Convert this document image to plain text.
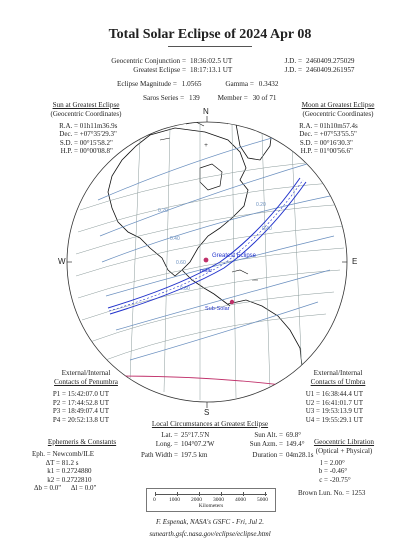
Total Solar Eclipse of 2024 Apr 08
Geocentric Conjunction = 18:36:02.5 UT	J.D. = 2460409.275029
Greatest Eclipse = 18:17:13.1 UT	J.D. = 2460409.261957
Eclipse Magnitude = 1.0565	Gamma = 0.3432
Saros Series = 139 Member = 30 of 71
Sun at Greatest Eclipse
(Geocentric Coordinates)
R.A. = 01h11m36.9s
Dec. = +07°35'29.3"
S.D. = 00°15'58.2"
H.P. = 00°00'08.8"
Moon at Greatest Eclipse
(Geocentric Coordinates)
R.A. = 01h10m57.4s
Dec. = +07°53'55.5"
S.D. = 00°16'30.3"
H.P. = 01°00'56.6"
+
Greatest Eclipse
polar
Sub-Solar
0.20
0.40
0.60
0.80
0.20
0.40
N
S
W	E
External/Internal
Contacts of Penumbra
P1 = 15:42:07.0 UT
P2 = 17:44:52.8 UT
P3 = 18:49:07.4 UT
P4 = 20:52:13.8 UT
External/Internal
Contacts of Umbra
U1 = 16:38:44.4 UT
U2 = 16:41:01.7 UT
U3 = 19:53:13.9 UT
U4 = 19:55:29.1 UT
Local Circumstances at Greatest Eclipse
Lat. = 25°17.5'N	Sun Alt. = 69.8°
Long. = 104°07.2'W	Sun Azm. = 149.4°
Path Width = 197.5 km	Duration = 04m28.1s
Ephemeris & Constants
Eph. = Newcomb/ILE
ΔT = 81.2 s
k1 = 0.2724880
k2 = 0.2722810
Δb = 0.0" Δl = 0.0"
Geocentric Libration
(Optical + Physical)
l = 2.00°
b = -0.46°
c = -20.75°
Brown Lun. No. = 1253
0 1000 2000 3000 4000 5000
Kilometers
F. Espenak, NASA's GSFC - Fri, Jul 2.
sunearth.gsfc.nasa.gov/eclipse/eclipse.html
